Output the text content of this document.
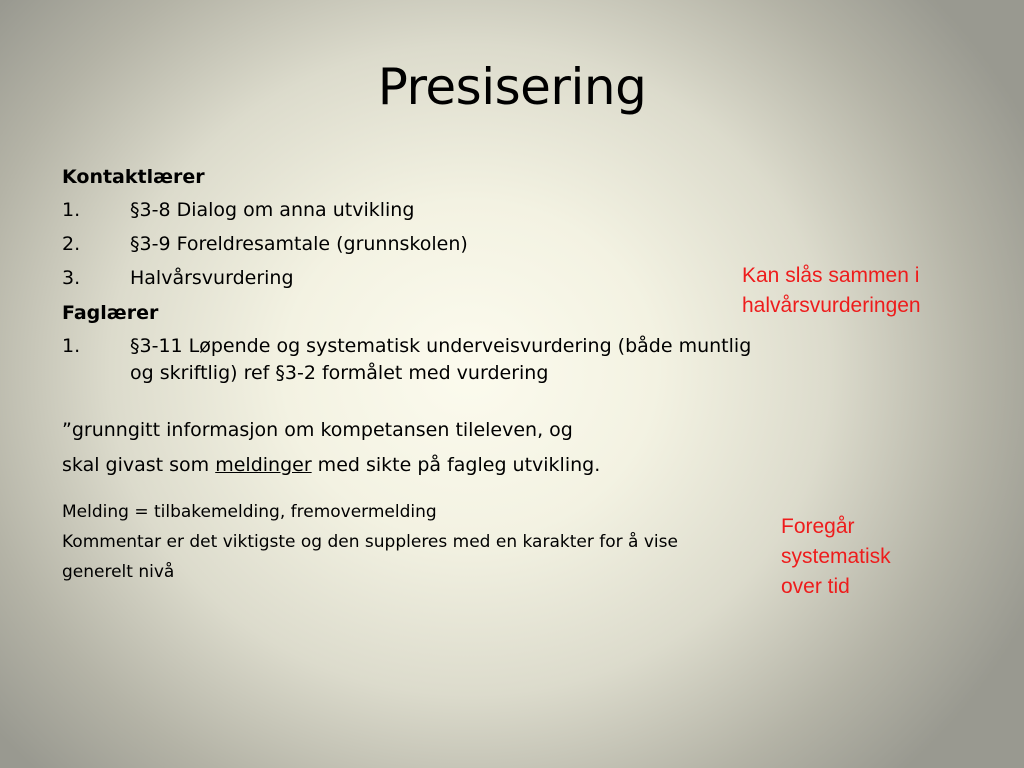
Presisering
Kontaktlærer
1.	§3-8 Dialog om anna utvikling
2.	§3-9 Foreldresamtale (grunnskolen)
3.	Halvårsvurdering
Faglærer
1.	§3-11 Løpende og systematisk underveisvurdering (både muntlig og skriftlig) ref §3-2 formålet med vurdering
”grunngitt informasjon om kompetansen tileleven, og
skal givast som meldinger med sikte på fagleg utvikling.
Melding = tilbakemelding, fremovermelding
Kommentar er det viktigste og den suppleres med en karakter for å vise generelt nivå
Kan slås sammen i
halvårsvurderingen
Foregår
systematisk
over tid
